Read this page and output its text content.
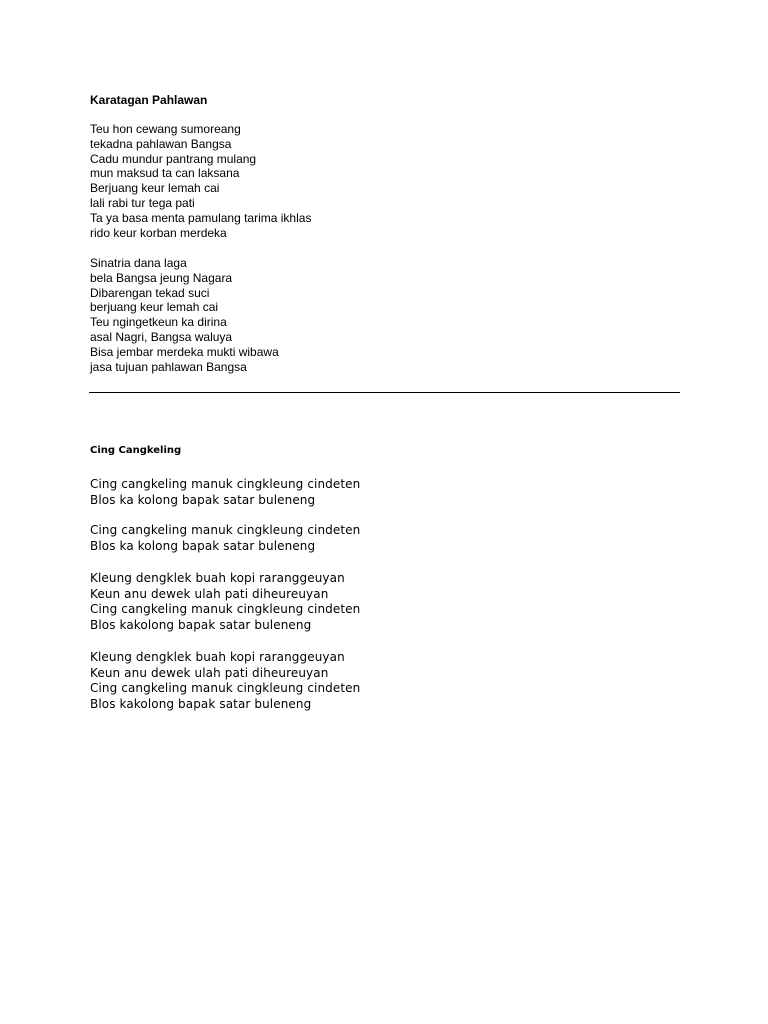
Karatagan Pahlawan
Teu hon cewang sumoreang
tekadna pahlawan Bangsa
Cadu mundur pantrang mulang
mun maksud ta can laksana
Berjuang keur lemah cai
lali rabi tur tega pati
Ta ya basa menta pamulang tarima ikhlas
rido keur korban merdeka
Sinatria dana laga
bela Bangsa jeung Nagara
Dibarengan tekad suci
berjuang keur lemah cai
Teu ngingetkeun ka dirina
asal Nagri, Bangsa waluya
Bisa jembar merdeka mukti wibawa
jasa tujuan pahlawan Bangsa
Cing Cangkeling
Cing cangkeling manuk cingkleung cindeten
Blos ka kolong bapak satar buleneng
Cing cangkeling manuk cingkleung cindeten
Blos ka kolong bapak satar buleneng
Kleung dengklek buah kopi raranggeuyan
Keun anu dewek ulah pati diheureuyan
Cing cangkeling manuk cingkleung cindeten
Blos kakolong bapak satar buleneng
Kleung dengklek buah kopi raranggeuyan
Keun anu dewek ulah pati diheureuyan
Cing cangkeling manuk cingkleung cindeten
Blos kakolong bapak satar buleneng
